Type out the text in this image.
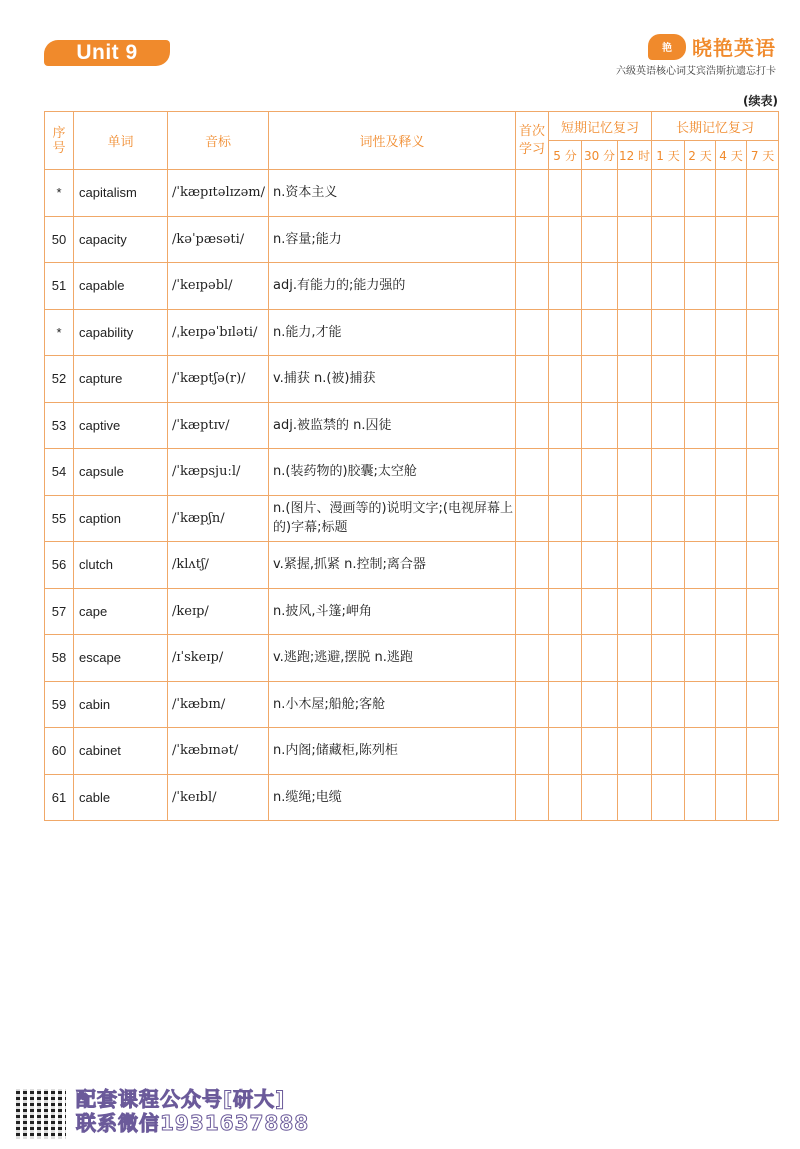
Unit 9	艳	晓艳英语
六级英语核心词艾宾浩斯抗遗忘打卡
(续表)
序号	单词	音标	词性及释义	首次学习	短期记忆复习			长期记忆复习			
					5 分	30 分	12 时	1 天	2 天	4 天	7 天
*	capitalism	/ˈkæpɪtəlɪzəm/	n.资本主义								
50	capacity	/kəˈpæsəti/	n.容量;能力								
51	capable	/ˈkeɪpəbl/	adj.有能力的;能力强的								
*	capability	/ˌkeɪpəˈbɪləti/	n.能力,才能								
52	capture	/ˈkæptʃə(r)/	v.捕获 n.(被)捕获								
53	captive	/ˈkæptɪv/	adj.被监禁的 n.囚徒								
54	capsule	/ˈkæpsjuːl/	n.(装药物的)胶囊;太空舱								
55	caption	/ˈkæpʃn/	n.(图片、漫画等的)说明文字;(电视屏幕上的)字幕;标题								
56	clutch	/klʌtʃ/	v.紧握,抓紧 n.控制;离合器								
57	cape	/keɪp/	n.披风,斗篷;岬角								
58	escape	/ɪˈskeɪp/	v.逃跑;逃避,摆脱 n.逃跑								
59	cabin	/ˈkæbɪn/	n.小木屋;船舱;客舱								
60	cabinet	/ˈkæbɪnət/	n.内阁;储藏柜,陈列柜								
61	cable	/ˈkeɪbl/	n.缆绳;电缆								
配套课程公众号[研大]
联系微信1931637888
